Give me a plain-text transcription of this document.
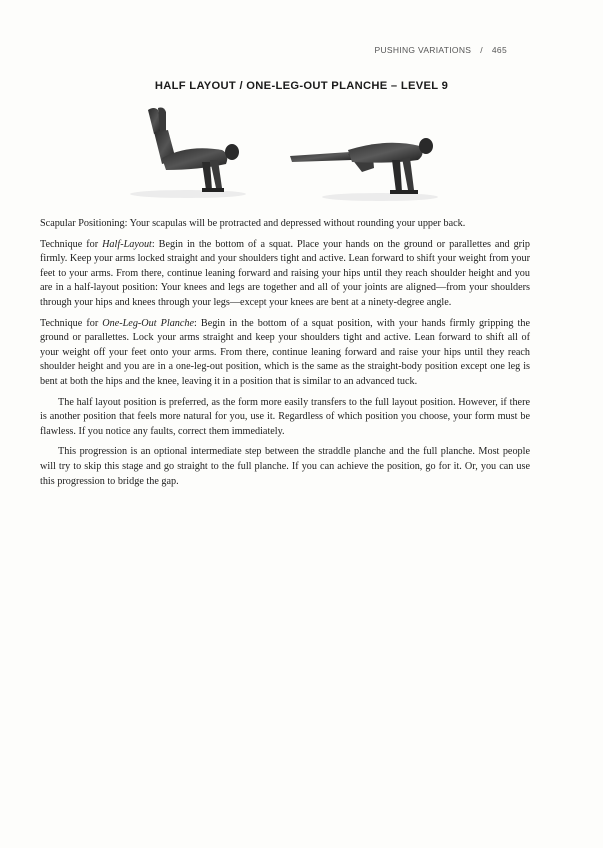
PUSHING VARIATIONS / 465
HALF LAYOUT / ONE-LEG-OUT PLANCHE – LEVEL 9

Scapular Positioning: Your scapulas will be protracted and depressed without rounding your upper back.

Technique for Half-Layout: Begin in the bottom of a squat. Place your hands on the ground or parallettes and grip firmly. Keep your arms locked straight and your shoulders tight and active. Lean forward to shift your weight from your feet to your arms. From there, continue leaning forward and raising your hips until they reach shoulder height and you are in a half-layout position: Your knees and legs are together and all of your joints are aligned—from your shoulders through your hips and knees through your legs—except your knees are bent at a ninety-degree angle.

Technique for One-Leg-Out Planche: Begin in the bottom of a squat position, with your hands firmly gripping the ground or parallettes. Lock your arms straight and keep your shoulders tight and active. Lean forward to shift all of your weight off your feet onto your arms. From there, continue leaning forward and raise your hips until they reach shoulder height and you are in a one-leg-out position, which is the same as the straight-body position except one leg is bent at both the hips and the knee, leaving it in a position that is similar to an advanced tuck.

The half layout position is preferred, as the form more easily transfers to the full layout position. However, if there is another position that feels more natural for you, use it. Regardless of which position you choose, your form must be flawless. If you notice any faults, correct them immediately.

This progression is an optional intermediate step between the straddle planche and the full planche. Most people will try to skip this stage and go straight to the full planche. If you can achieve the position, go for it. Or, you can use this progression to bridge the gap.
